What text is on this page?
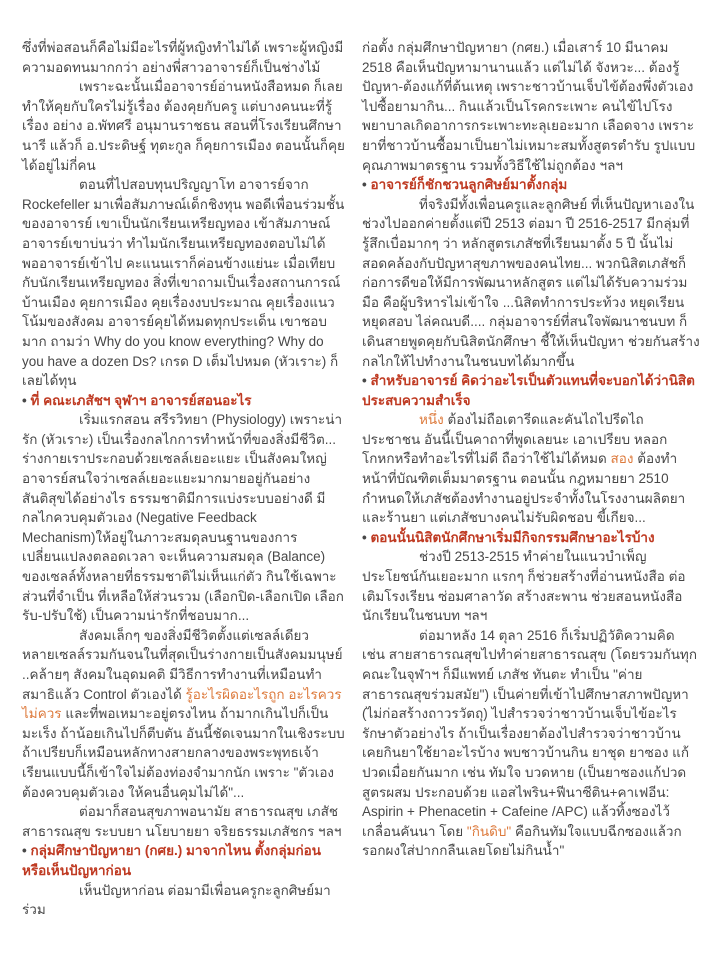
ซึ่งที่พ่อสอนก็คือไม่มีอะไรที่ผู้หญิงทำไม่ได้ เพราะผู้หญิงมีความอดทนมากกว่า อย่างพี่สาวอาจารย์ก็เป็นช่างไม้

เพราะฉะนั้นเมื่ออาจารย์อ่านหนังสือหมด ก็เลยทำให้คุยกับใครไม่รู้เรื่อง ต้องคุยกับครู แต่บางคนนะที่รู้เรื่อง อย่าง อ.พัทศรี อนุมานราชธน สอนที่โรงเรียนศึกษานารี แล้วก็ อ.ประดิษฐ์ ทุตะกูล ก็คุยการเมือง ตอนนั้นก็คุยได้อยู่ไม่กี่คน

ตอนที่ไปสอบทุนปริญญาโท อาจารย์จาก Rockefeller มาเพื่อสัมภาษณ์เด็กชิงทุน พอดีเพื่อนร่วมชั้นของอาจารย์ เขาเป็นนักเรียนเหรียญทอง เข้าสัมภาษณ์ อาจารย์เขาบ่นว่า ทำไมนักเรียนเหรียญทองตอบไม่ได้ พออาจารย์เข้าไป คะแนนเราก็ค่อนข้างแย่นะ เมื่อเทียบกับนักเรียนเหรียญทอง สิ่งที่เขาถามเป็นเรื่องสถานการณ์บ้านเมือง คุยการเมือง คุยเรื่องงบประมาณ คุยเรื่องแนวโน้มของสังคม อาจารย์คุยได้หมดทุกประเด็น เขาชอบมาก ถามว่า Why do you know everything? Why do you have a dozen Ds? เกรด D เต็มไปหมด (หัวเราะ) ก็เลยได้ทุน

• ที่ คณะเภสัชฯ จุฬาฯ อาจารย์สอนอะไร

เริ่มแรกสอน สรีรวิทยา (Physiology) เพราะน่ารัก (หัวเราะ) เป็นเรื่องกลไกการทำหน้าที่ของสิ่งมีชีวิต... ร่างกายเราประกอบด้วยเซลล์เยอะแยะ เป็นสังคมใหญ่ อาจารย์สนใจว่าเซลล์เยอะแยะมากมายอยู่กันอย่างสันติสุขได้อย่างไร ธรรมชาติมีการแบ่งระบบอย่างดี มีกลไกควบคุมตัวเอง (Negative Feedback Mechanism)ให้อยู่ในภาวะสมดุลบนฐานของการเปลี่ยนแปลงตลอดเวลา จะเห็นความสมดุล (Balance) ของเซลล์ทั้งหลายที่ธรรมชาติไม่เห็นแก่ตัว กินใช้เฉพาะส่วนที่จำเป็น ที่เหลือให้ส่วนรวม (เลือกปิด-เลือกเปิด เลือกรับ-ปรับใช้) เป็นความน่ารักที่ชอบมาก...

สังคมเล็กๆ ของสิ่งมีชีวิตตั้งแต่เซลล์เดียว หลายเซลล์รวมกันจนในที่สุดเป็นร่างกายเป็นสังคมมนุษย์ ..คล้ายๆ สังคมในอุดมคติ มีวิธีการทำงานที่เหมือนทำสมาธิแล้ว Control ตัวเองได้ รู้อะไรผิดอะไรถูก อะไรควรไม่ควร และที่พอเหมาะอยู่ตรงไหน ถ้ามากเกินไปก็เป็นมะเร็ง ถ้าน้อยเกินไปก็ตีบตัน อันนี้ชัดเจนมากในเชิงระบบ ถ้าเปรียบก็เหมือนหลักทางสายกลางของพระพุทธเจ้า เรียนแบบนี้ก็เข้าใจไม่ต้องท่องจำมากนัก เพราะ "ตัวเองต้องควบคุมตัวเอง ให้คนอื่นคุมไม่ได้"...

ต่อมาก็สอนสุขภาพอนามัย สาธารณสุข เภสัชสาธารณสุข ระบบยา นโยบายยา จริยธรรมเภสัชกร ฯลฯ

• กลุ่มศึกษาปัญหายา (กศย.) มาจากไหน ตั้งกลุ่มก่อนหรือเห็นปัญหาก่อน

เห็นปัญหาก่อน ต่อมามีเพื่อนครูกะลูกศิษย์มาร่วม

ก่อตั้ง กลุ่มศึกษาปัญหายา (กศย.) เมื่อเสาร์ 10 มีนาคม 2518 คือเห็นปัญหามานานแล้ว แต่ไม่ได้ จังหวะ... ต้องรู้ปัญหา-ต้องแก้ที่ต้นเหตุ เพราะชาวบ้านเจ็บไข้ต้องพึ่งตัวเองไปซื้อยามากิน... กินแล้วเป็นโรคกระเพาะ คนไข้ไปโรงพยาบาลเกิดอาการกระเพาะทะลุเยอะมาก เลือดจาง เพราะยาที่ชาวบ้านซื้อมาเป็นยาไม่เหมาะสมทั้งสูตรตำรับ รูปแบบ คุณภาพมาตรฐาน รวมทั้งวิธีใช้ไม่ถูกต้อง ฯลฯ

• อาจารย์ก็ชักชวนลูกศิษย์มาตั้งกลุ่ม

ที่จริงมีทั้งเพื่อนครูและลูกศิษย์ ที่เห็นปัญหาเองในช่วงไปออกค่ายตั้งแต่ปี 2513 ต่อมา ปี 2516-2517 มีกลุ่มที่รู้สึกเบื่อมากๆ ว่า หลักสูตรเภสัชที่เรียนมาตั้ง 5 ปี นั้นไม่สอดคล้องกับปัญหาสุขภาพของคนไทย... พวกนิสิตเภสัชก็ก่อการดีขอให้มีการพัฒนาหลักสูตร แต่ไม่ได้รับความร่วมมือ คือผู้บริหารไม่เข้าใจ ...นิสิตทำการประท้วง หยุดเรียน หยุดสอบ ไล่คณบดี.... กลุ่มอาจารย์ที่สนใจพัฒนาชนบท ก็เดินสายพูดคุยกับนิสิตนักศึกษา ชี้ให้เห็นปัญหา ช่วยกันสร้างกลไกให้ไปทำงานในชนบทได้มากขึ้น

• สำหรับอาจารย์ คิดว่าอะไรเป็นตัวแทนที่จะบอกได้ว่านิสิตประสบความสำเร็จ

หนึ่ง ต้องไม่ถือเตารีดและคันไถไปรีดไถประชาชน อันนี้เป็นคาถาที่พูดเลยนะ เอาเปรียบ หลอก โกหกหรือทำอะไรที่ไม่ดี ถือว่าใช้ไม่ได้หมด สอง ต้องทำหน้าที่บัณฑิตเต็มมาตรฐาน ตอนนั้น กฎหมายยา 2510 กำหนดให้เภสัชต้องทำงานอยู่ประจำทั้งในโรงงานผลิตยาและร้านยา แต่เภสัชบางคนไม่รับผิดชอบ ขี้เกียจ...

• ตอนนั้นนิสิตนักศึกษาเริ่มมีกิจกรรมศึกษาอะไรบ้าง

ช่วงปี 2513-2515 ทำค่ายในแนวบำเพ็ญประโยชน์กันเยอะมาก แรกๆ ก็ช่วยสร้างที่อ่านหนังสือ ต่อเติมโรงเรียน ซ่อมศาลาวัด สร้างสะพาน ช่วยสอนหนังสือนักเรียนในชนบท ฯลฯ

ต่อมาหลัง 14 ตุลา 2516 ก็เริ่มปฏิวัติความคิด เช่น สายสาธารณสุขไปทำค่ายสาธารณสุข (โดยรวมกันทุกคณะในจุฬาฯ ก็มีแพทย์ เภสัช ทันตะ ทำเป็น "ค่ายสาธารณสุขร่วมสมัย") เป็นค่ายที่เข้าไปศึกษาสภาพปัญหา (ไม่ก่อสร้างถาวรวัตถุ) ไปสำรวจว่าชาวบ้านเจ็บไข้อะไร รักษาตัวอย่างไร ถ้าเป็นเรื่องยาต้องไปสำรวจว่าชาวบ้านเคยกินยาใช้ยาอะไรบ้าง พบชาวบ้านกิน ยาชุด ยาซอง แก้ปวดเมื่อยกันมาก เช่น ทัมใจ บวดหาย (เป็นยาซองแก้ปวดสูตรผสม ประกอบด้วย แอสไพริน+ฟีนาซีติน+คาเฟอีน: Aspirin + Phenacetin + Cafeine /APC) แล้วทิ้งซองไว้เกลื่อนคันนา โดย "กินดิบ" คือกินทัมใจแบบฉีกซองแล้วกรอกผงใส่ปากกลืนเลยโดยไม่กินน้ำ"
